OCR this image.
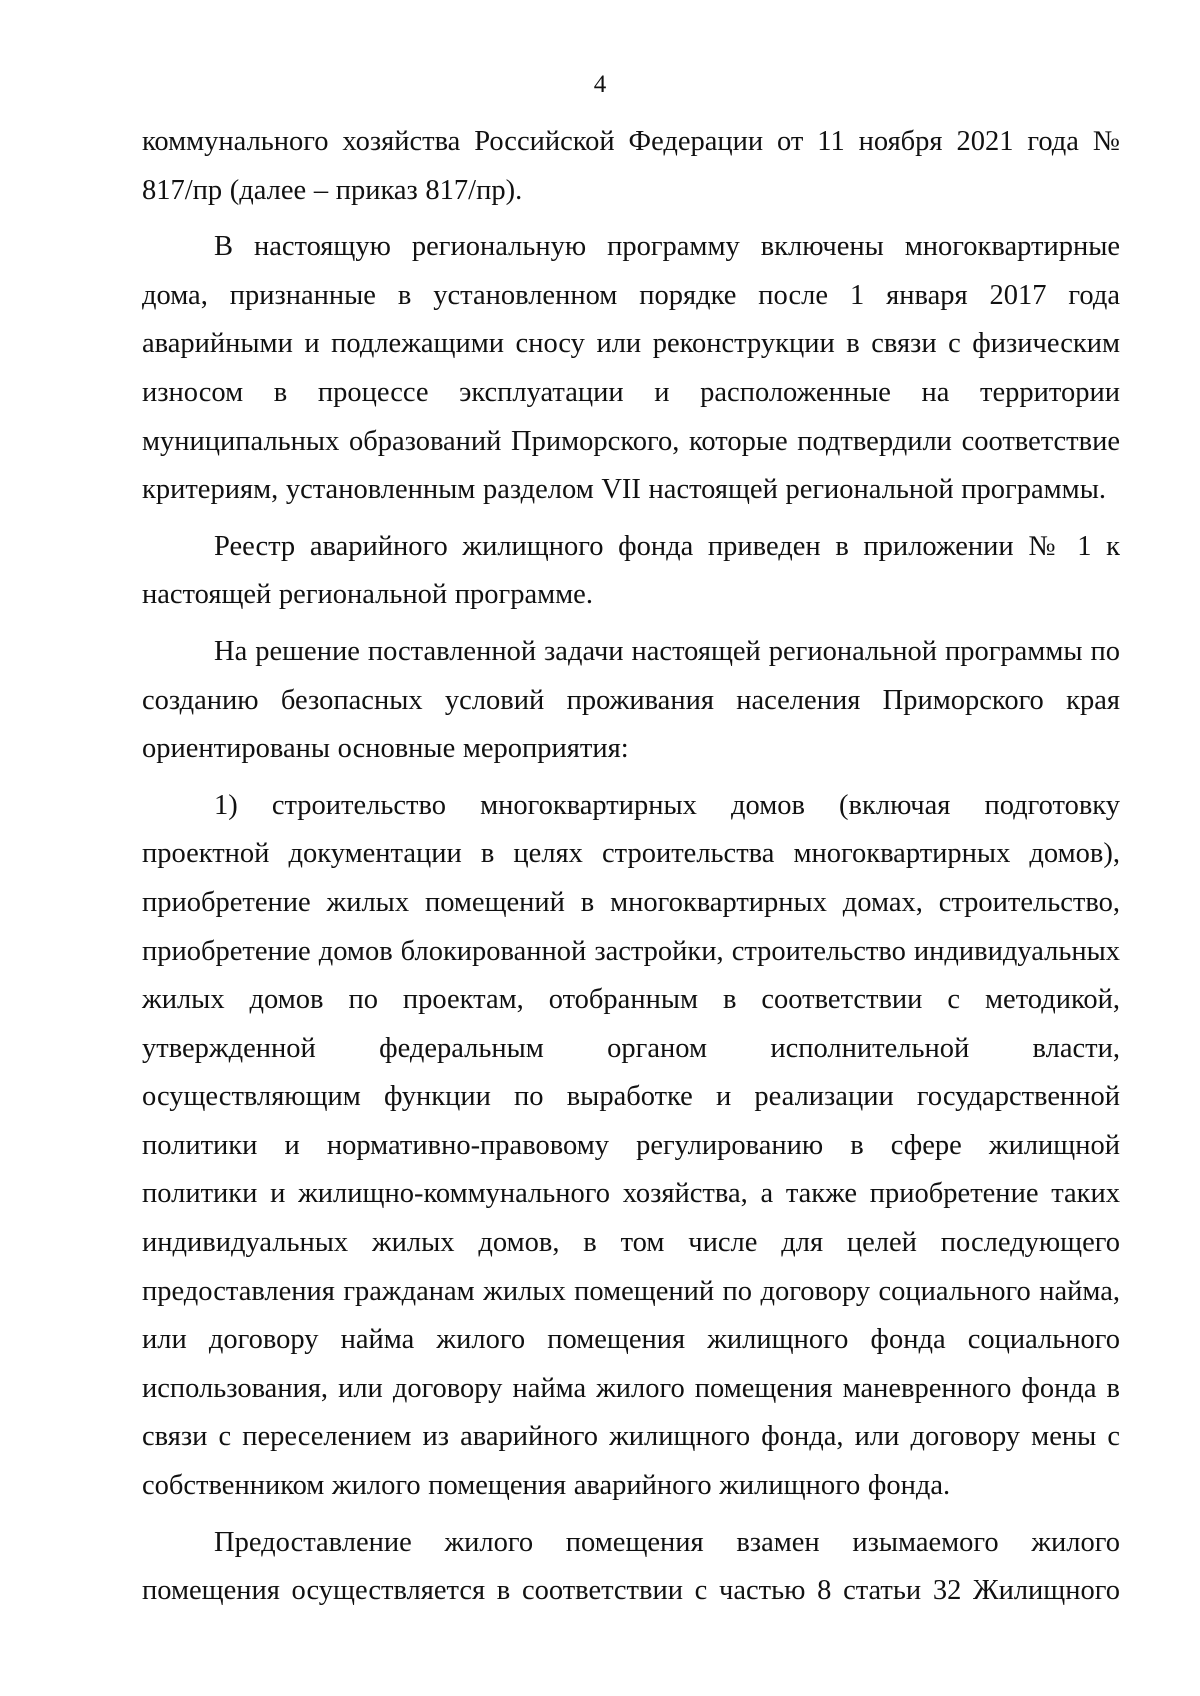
4

коммунального хозяйства Российской Федерации от 11 ноября 2021 года № 817/пр (далее – приказ 817/пр).

В настоящую региональную программу включены многоквартирные дома, признанные в установленном порядке после 1 января 2017 года аварийными и подлежащими сносу или реконструкции в связи с физическим износом в процессе эксплуатации и расположенные на территории муниципальных образований Приморского, которые подтвердили соответствие критериям, установленным разделом VII настоящей региональной программы.

Реестр аварийного жилищного фонда приведен в приложении № 1 к настоящей региональной программе.

На решение поставленной задачи настоящей региональной программы по созданию безопасных условий проживания населения Приморского края ориентированы основные мероприятия:

1) строительство многоквартирных домов (включая подготовку проектной документации в целях строительства многоквартирных домов), приобретение жилых помещений в многоквартирных домах, строительство, приобретение домов блокированной застройки, строительство индивидуальных жилых домов по проектам, отобранным в соответствии с методикой, утвержденной федеральным органом исполнительной власти, осуществляющим функции по выработке и реализации государственной политики и нормативно-правовому регулированию в сфере жилищной политики и жилищно-коммунального хозяйства, а также приобретение таких индивидуальных жилых домов, в том числе для целей последующего предоставления гражданам жилых помещений по договору социального найма, или договору найма жилого помещения жилищного фонда социального использования, или договору найма жилого помещения маневренного фонда в связи с переселением из аварийного жилищного фонда, или договору мены с собственником жилого помещения аварийного жилищного фонда.

Предоставление жилого помещения взамен изымаемого жилого помещения осуществляется в соответствии с частью 8 статьи 32 Жилищного
